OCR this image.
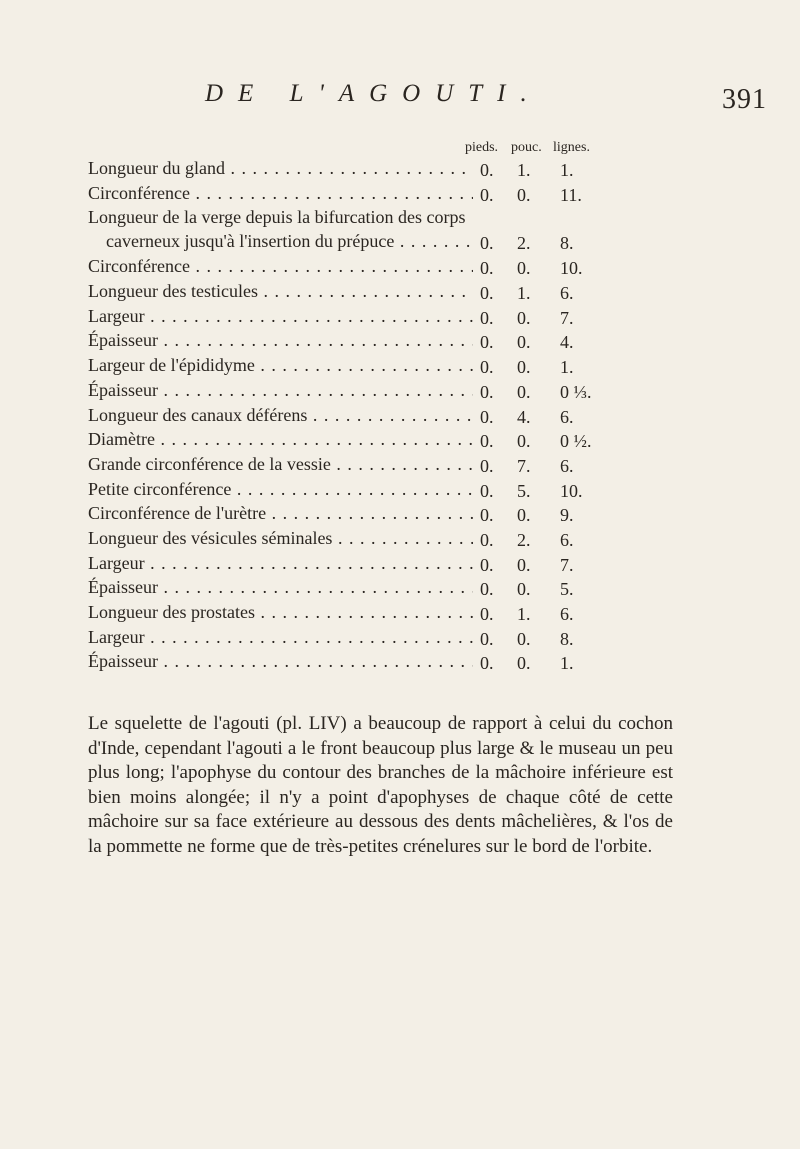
DE L'AGOUTI.	391
pieds. pouc. lignes.
Longueur du gland . . .	0. 1. 1.
Circonférence . . .	0. 0. 11.
Longueur de la verge depuis la bifurcation des corps
caverneux jusqu'à l'insertion du prépuce . . .	0. 2. 8.
Circonférence . . .	0. 0. 10.
Longueur des testicules . . .	0. 1. 6.
Largeur . . .	0. 0. 7.
Épaisseur . . .	0. 0. 4.
Largeur de l'épididyme . . .	0. 0. 1.
Épaisseur . . .	0. 0. 0 ⅓.
Longueur des canaux déférens . . .	0. 4. 6.
Diamètre . . .	0. 0. 0 ½.
Grande circonférence de la vessie . . .	0. 7. 6.
Petite circonférence . . .	0. 5. 10.
Circonférence de l'urètre . . .	0. 0. 9.
Longueur des vésicules séminales . . .	0. 2. 6.
Largeur . . .	0. 0. 7.
Épaisseur . . .	0. 0. 5.
Longueur des prostates . . .	0. 1. 6.
Largeur . . .	0. 0. 8.
Épaisseur . . .	0. 0. 1.

Le squelette de l'agouti (pl. LIV) a beaucoup de rapport à celui du cochon d'Inde, cependant l'agouti a le front beaucoup plus large & le museau un peu plus long; l'apophyse du contour des branches de la mâchoire inférieure est bien moins alongée; il n'y a point d'apophyses de chaque côté de cette mâchoire sur sa face extérieure au dessous des dents mâchelières, & l'os de la pommette ne forme que de très-petites crénelures sur le bord de l'orbite.
